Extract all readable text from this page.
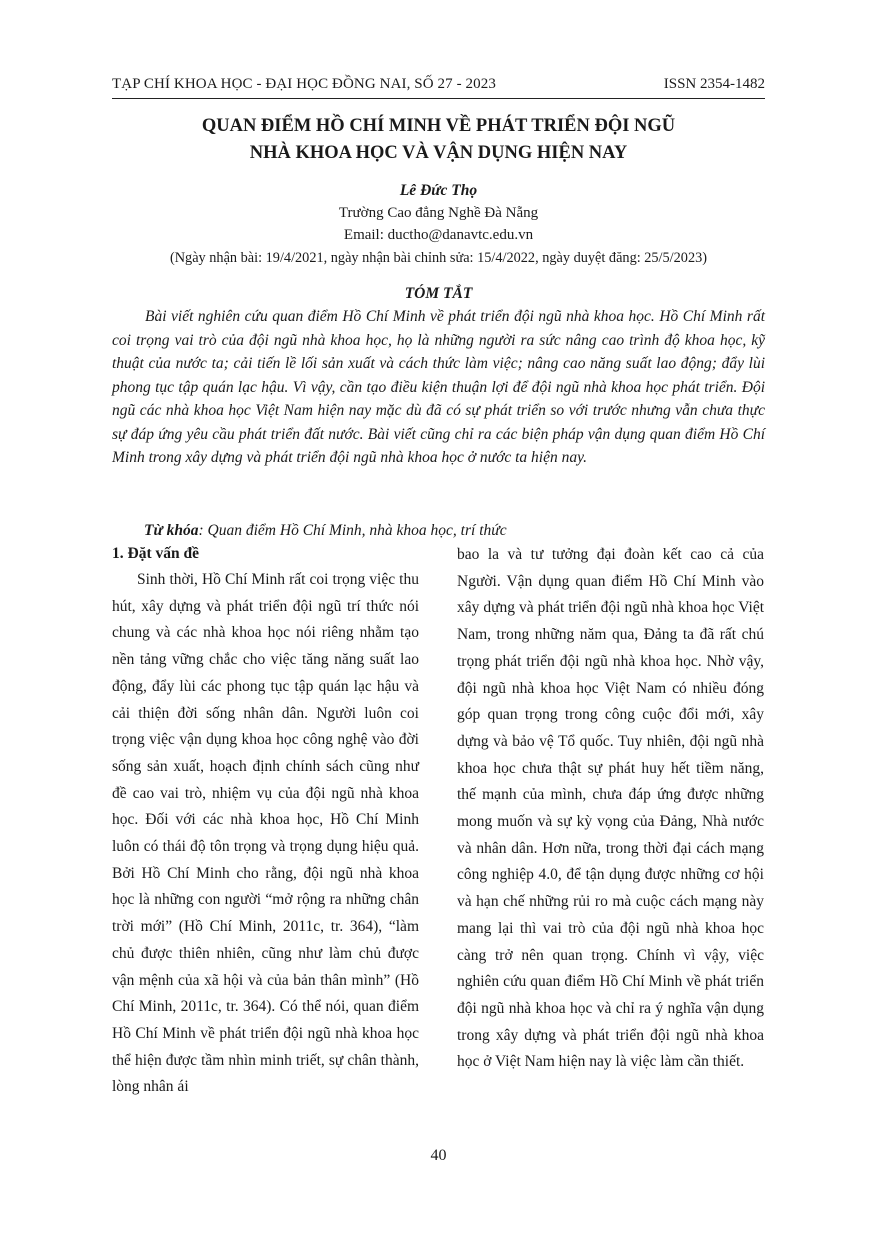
TẠP CHÍ KHOA HỌC - ĐẠI HỌC ĐỒNG NAI, SỐ 27 - 2023	ISSN 2354-1482
QUAN ĐIỂM HỒ CHÍ MINH VỀ PHÁT TRIỂN ĐỘI NGŨ
NHÀ KHOA HỌC VÀ VẬN DỤNG HIỆN NAY
Lê Đức Thọ
Trường Cao đẳng Nghề Đà Nẵng
Email: ductho@danavtc.edu.vn
(Ngày nhận bài: 19/4/2021, ngày nhận bài chỉnh sửa: 15/4/2022, ngày duyệt đăng: 25/5/2023)
TÓM TẮT

Bài viết nghiên cứu quan điểm Hồ Chí Minh về phát triển đội ngũ nhà khoa học. Hồ Chí Minh rất coi trọng vai trò của đội ngũ nhà khoa học, họ là những người ra sức nâng cao trình độ khoa học, kỹ thuật của nước ta; cải tiến lề lối sản xuất và cách thức làm việc; nâng cao năng suất lao động; đẩy lùi phong tục tập quán lạc hậu. Vì vậy, cần tạo điều kiện thuận lợi để đội ngũ nhà khoa học phát triển. Đội ngũ các nhà khoa học Việt Nam hiện nay mặc dù đã có sự phát triển so với trước nhưng vẫn chưa thực sự đáp ứng yêu cầu phát triển đất nước. Bài viết cũng chỉ ra các biện pháp vận dụng quan điểm Hồ Chí Minh trong xây dựng và phát triển đội ngũ nhà khoa học ở nước ta hiện nay.

Từ khóa: Quan điểm Hồ Chí Minh, nhà khoa học, trí thức
1. Đặt vấn đề

Sinh thời, Hồ Chí Minh rất coi trọng việc thu hút, xây dựng và phát triển đội ngũ trí thức nói chung và các nhà khoa học nói riêng nhằm tạo nền tảng vững chắc cho việc tăng năng suất lao động, đẩy lùi các phong tục tập quán lạc hậu và cải thiện đời sống nhân dân. Người luôn coi trọng việc vận dụng khoa học công nghệ vào đời sống sản xuất, hoạch định chính sách cũng như đề cao vai trò, nhiệm vụ của đội ngũ nhà khoa học. Đối với các nhà khoa học, Hồ Chí Minh luôn có thái độ tôn trọng và trọng dụng hiệu quả. Bởi Hồ Chí Minh cho rằng, đội ngũ nhà khoa học là những con người “mở rộng ra những chân trời mới” (Hồ Chí Minh, 2011c, tr. 364), “làm chủ được thiên nhiên, cũng như làm chủ được vận mệnh của xã hội và của bản thân mình” (Hồ Chí Minh, 2011c, tr. 364). Có thể nói, quan điểm Hồ Chí Minh về phát triển đội ngũ nhà khoa học thể hiện được tầm nhìn minh triết, sự chân thành, lòng nhân ái

bao la và tư tưởng đại đoàn kết cao cả của Người. Vận dụng quan điểm Hồ Chí Minh vào xây dựng và phát triển đội ngũ nhà khoa học Việt Nam, trong những năm qua, Đảng ta đã rất chú trọng phát triển đội ngũ nhà khoa học. Nhờ vậy, đội ngũ nhà khoa học Việt Nam có nhiều đóng góp quan trọng trong công cuộc đổi mới, xây dựng và bảo vệ Tổ quốc. Tuy nhiên, đội ngũ nhà khoa học chưa thật sự phát huy hết tiềm năng, thế mạnh của mình, chưa đáp ứng được những mong muốn và sự kỳ vọng của Đảng, Nhà nước và nhân dân. Hơn nữa, trong thời đại cách mạng công nghiệp 4.0, để tận dụng được những cơ hội và hạn chế những rủi ro mà cuộc cách mạng này mang lại thì vai trò của đội ngũ nhà khoa học càng trở nên quan trọng. Chính vì vậy, việc nghiên cứu quan điểm Hồ Chí Minh về phát triển đội ngũ nhà khoa học và chỉ ra ý nghĩa vận dụng trong xây dựng và phát triển đội ngũ nhà khoa học ở Việt Nam hiện nay là việc làm cần thiết.

40
